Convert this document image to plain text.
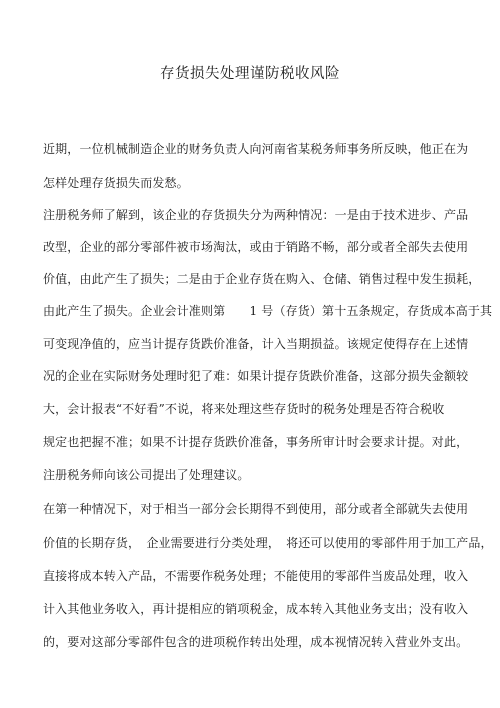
存货损失处理谨防税收风险
近期，一位机械制造企业的财务负责人向河南省某税务师事务所反映，他正在为
怎样处理存货损失而发愁。
注册税务师了解到，该企业的存货损失分为两种情况：一是由于技术进步、产品
改型，企业的部分零部件被市场淘汰，或由于销路不畅，部分或者全部失去使用
价值，由此产生了损失；二是由于企业存货在购入、仓储、销售过程中发生损耗，
由此产生了损失。企业会计准则第　　1 号（存货）第十五条规定，存货成本高于其
可变现净值的，应当计提存货跌价准备，计入当期损益。该规定使得存在上述情
况的企业在实际财务处理时犯了难：如果计提存货跌价准备，这部分损失金额较
大，会计报表“不好看”不说，将来处理这些存货时的税务处理是否符合税收
规定也把握不准；如果不计提存货跌价准备，事务所审计时会要求计提。对此，
注册税务师向该公司提出了处理建议。
在第一种情况下，对于相当一部分会长期得不到使用，部分或者全部就失去使用
价值的长期存货，　企业需要进行分类处理，　将还可以使用的零部件用于加工产品，
直接将成本转入产品，不需要作税务处理；不能使用的零部件当废品处理，收入
计入其他业务收入，再计提相应的销项税金，成本转入其他业务支出；没有收入
的，要对这部分零部件包含的进项税作转出处理，成本视情况转入营业外支出。
